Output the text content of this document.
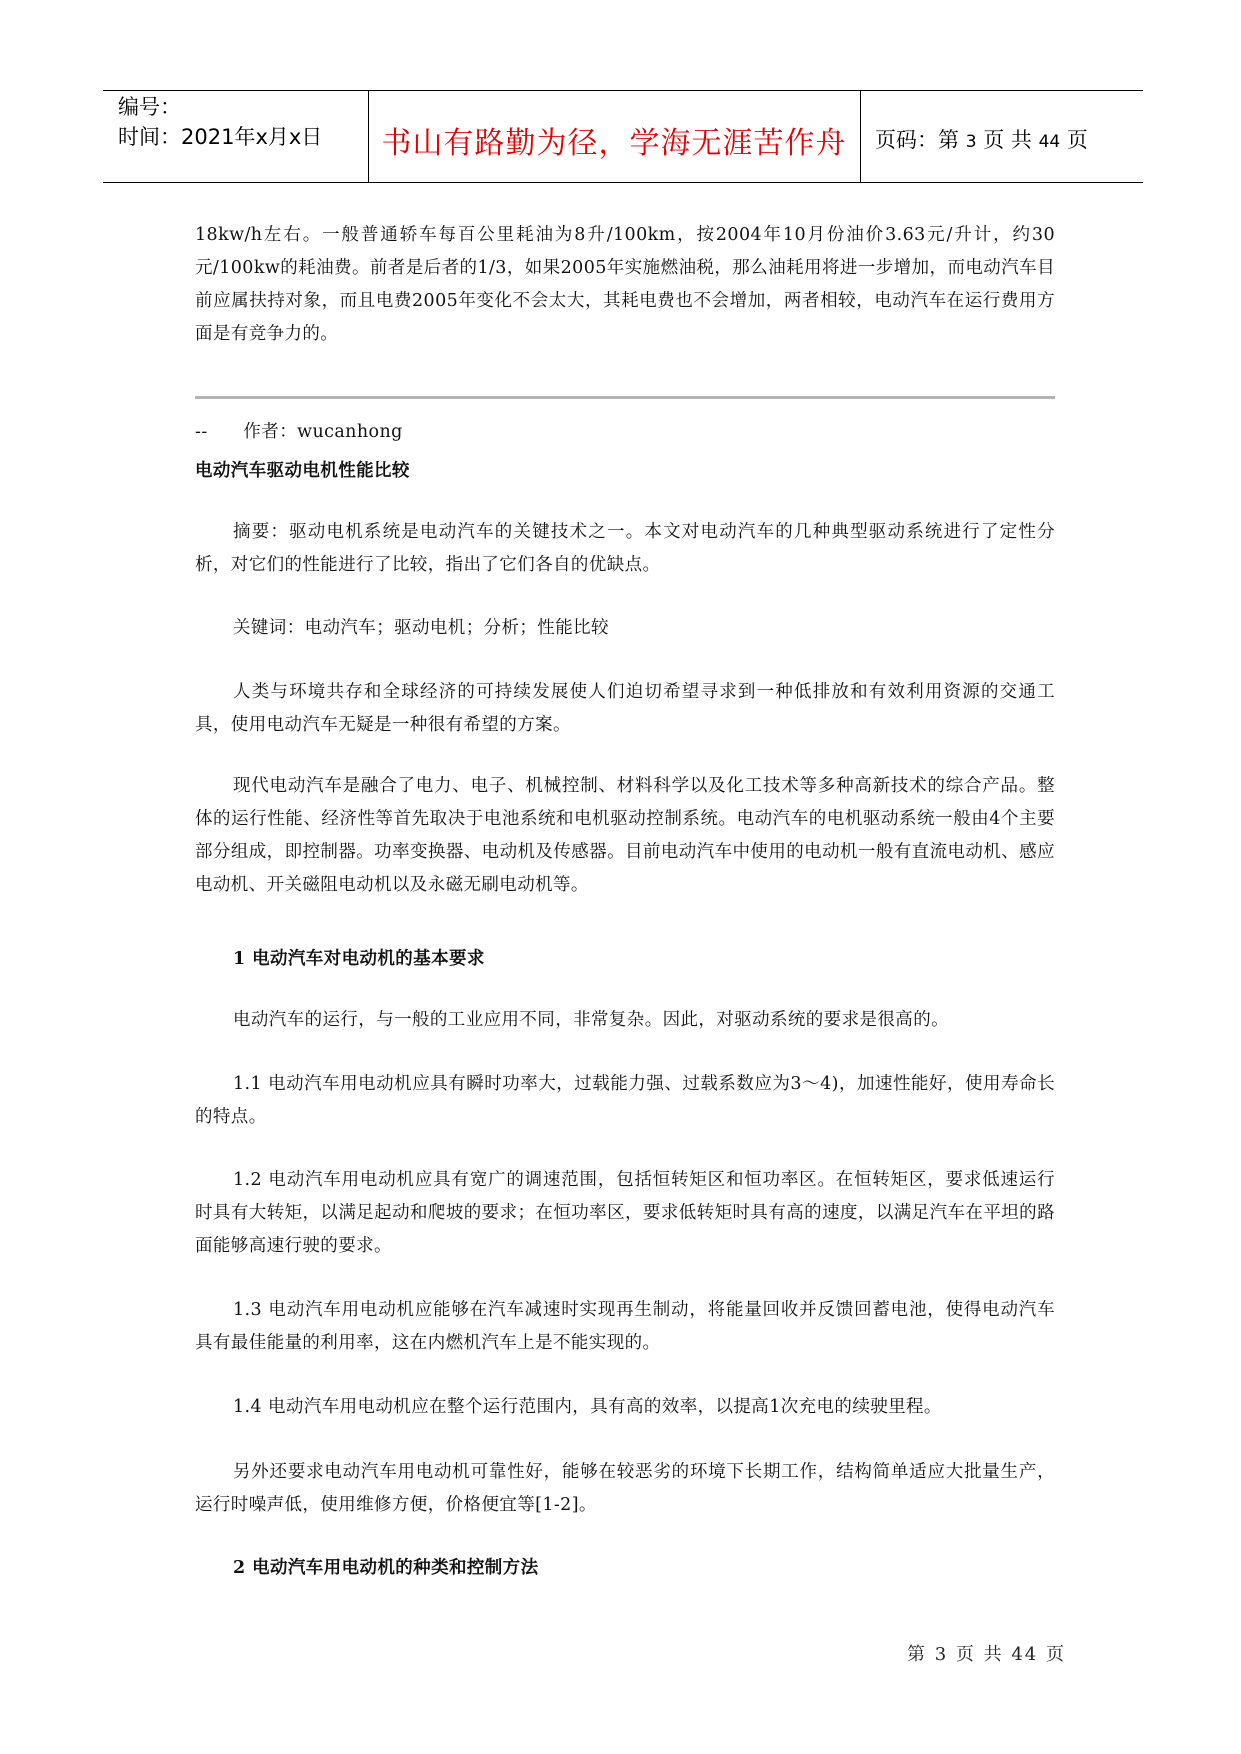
编号：
时间：2021年x月x日	书山有路勤为径，学海无涯苦作舟	页码：第 3 页 共 44 页

18kw/h左右。一般普通轿车每百公里耗油为8升/100km，按2004年10月份油价3.63元/升计，约30元/100kw的耗油费。前者是后者的1/3，如果2005年实施燃油税，那么油耗用将进一步增加，而电动汽车目前应属扶持对象，而且电费2005年变化不会太大，其耗电费也不会增加，两者相较，电动汽车在运行费用方面是有竞争力的。

--      作者：wucanhong

电动汽车驱动电机性能比较

摘要：驱动电机系统是电动汽车的关键技术之一。本文对电动汽车的几种典型驱动系统进行了定性分析，对它们的性能进行了比较，指出了它们各自的优缺点。

关键词：电动汽车；驱动电机；分析；性能比较

人类与环境共存和全球经济的可持续发展使人们迫切希望寻求到一种低排放和有效利用资源的交通工具，使用电动汽车无疑是一种很有希望的方案。

现代电动汽车是融合了电力、电子、机械控制、材料科学以及化工技术等多种高新技术的综合产品。整体的运行性能、经济性等首先取决于电池系统和电机驱动控制系统。电动汽车的电机驱动系统一般由4个主要部分组成，即控制器。功率变换器、电动机及传感器。目前电动汽车中使用的电动机一般有直流电动机、感应电动机、开关磁阻电动机以及永磁无刷电动机等。

1 电动汽车对电动机的基本要求

电动汽车的运行，与一般的工业应用不同，非常复杂。因此，对驱动系统的要求是很高的。

1.1 电动汽车用电动机应具有瞬时功率大，过载能力强、过载系数应为3～4)，加速性能好，使用寿命长的特点。

1.2 电动汽车用电动机应具有宽广的调速范围，包括恒转矩区和恒功率区。在恒转矩区，要求低速运行时具有大转矩，以满足起动和爬坡的要求；在恒功率区，要求低转矩时具有高的速度，以满足汽车在平坦的路面能够高速行驶的要求。

1.3 电动汽车用电动机应能够在汽车减速时实现再生制动，将能量回收并反馈回蓄电池，使得电动汽车具有最佳能量的利用率，这在内燃机汽车上是不能实现的。

1.4 电动汽车用电动机应在整个运行范围内，具有高的效率，以提高1次充电的续驶里程。

另外还要求电动汽车用电动机可靠性好，能够在较恶劣的环境下长期工作，结构简单适应大批量生产，运行时噪声低，使用维修方便，价格便宜等[1-2]。

2 电动汽车用电动机的种类和控制方法

第 3 页 共 44 页
